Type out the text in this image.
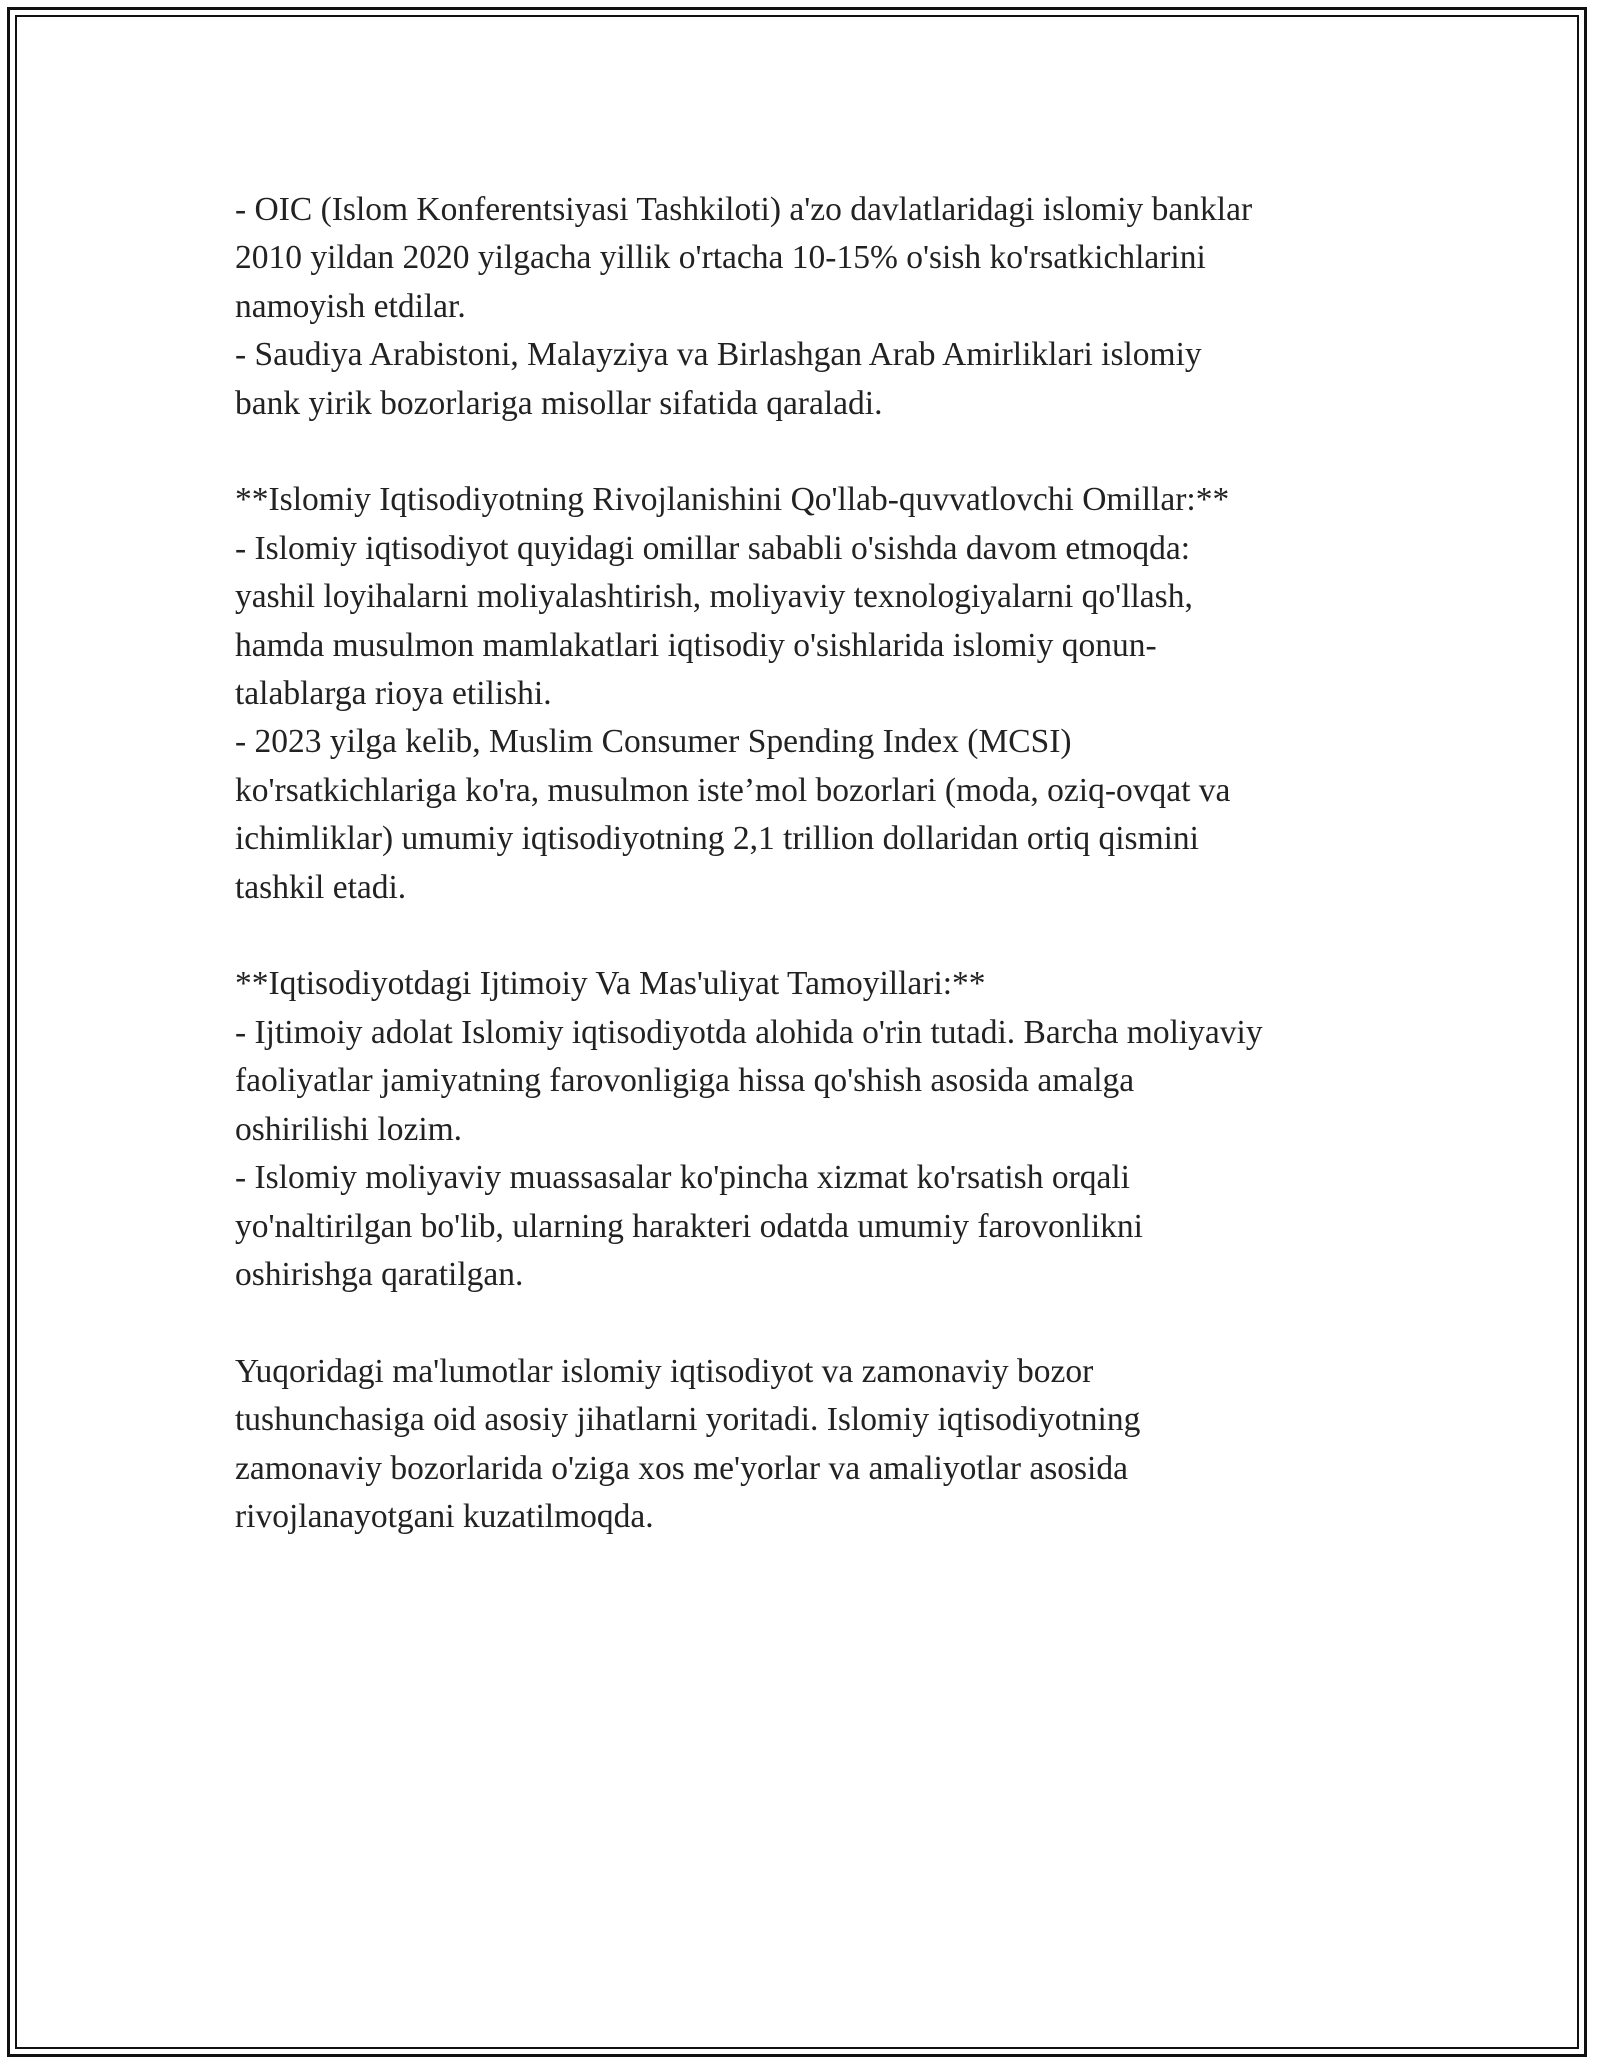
- OIC (Islom Konferentsiyasi Tashkiloti) a'zo davlatlaridagi islomiy banklar

2010 yildan 2020 yilgacha yillik o'rtacha 10-15% o'sish ko'rsatkichlarini

namoyish etdilar.

- Saudiya Arabistoni, Malayziya va Birlashgan Arab Amirliklari islomiy

bank yirik bozorlariga misollar sifatida qaraladi.

**Islomiy Iqtisodiyotning Rivojlanishini Qo'llab-quvvatlovchi Omillar:**

- Islomiy iqtisodiyot quyidagi omillar sababli o'sishda davom etmoqda:

yashil loyihalarni moliyalashtirish, moliyaviy texnologiyalarni qo'llash,

hamda musulmon mamlakatlari iqtisodiy o'sishlarida islomiy qonun-

talablarga rioya etilishi.

- 2023 yilga kelib, Muslim Consumer Spending Index (MCSI)

ko'rsatkichlariga ko'ra, musulmon iste’mol bozorlari (moda, oziq-ovqat va

ichimliklar) umumiy iqtisodiyotning 2,1 trillion dollaridan ortiq qismini

tashkil etadi.

**Iqtisodiyotdagi Ijtimoiy Va Mas'uliyat Tamoyillari:**

- Ijtimoiy adolat Islomiy iqtisodiyotda alohida o'rin tutadi. Barcha moliyaviy

faoliyatlar jamiyatning farovonligiga hissa qo'shish asosida amalga

oshirilishi lozim.

- Islomiy moliyaviy muassasalar ko'pincha xizmat ko'rsatish orqali

yo'naltirilgan bo'lib, ularning harakteri odatda umumiy farovonlikni

oshirishga qaratilgan.

Yuqoridagi ma'lumotlar islomiy iqtisodiyot va zamonaviy bozor

tushunchasiga oid asosiy jihatlarni yoritadi. Islomiy iqtisodiyotning

zamonaviy bozorlarida o'ziga xos me'yorlar va amaliyotlar asosida

rivojlanayotgani kuzatilmoqda.
